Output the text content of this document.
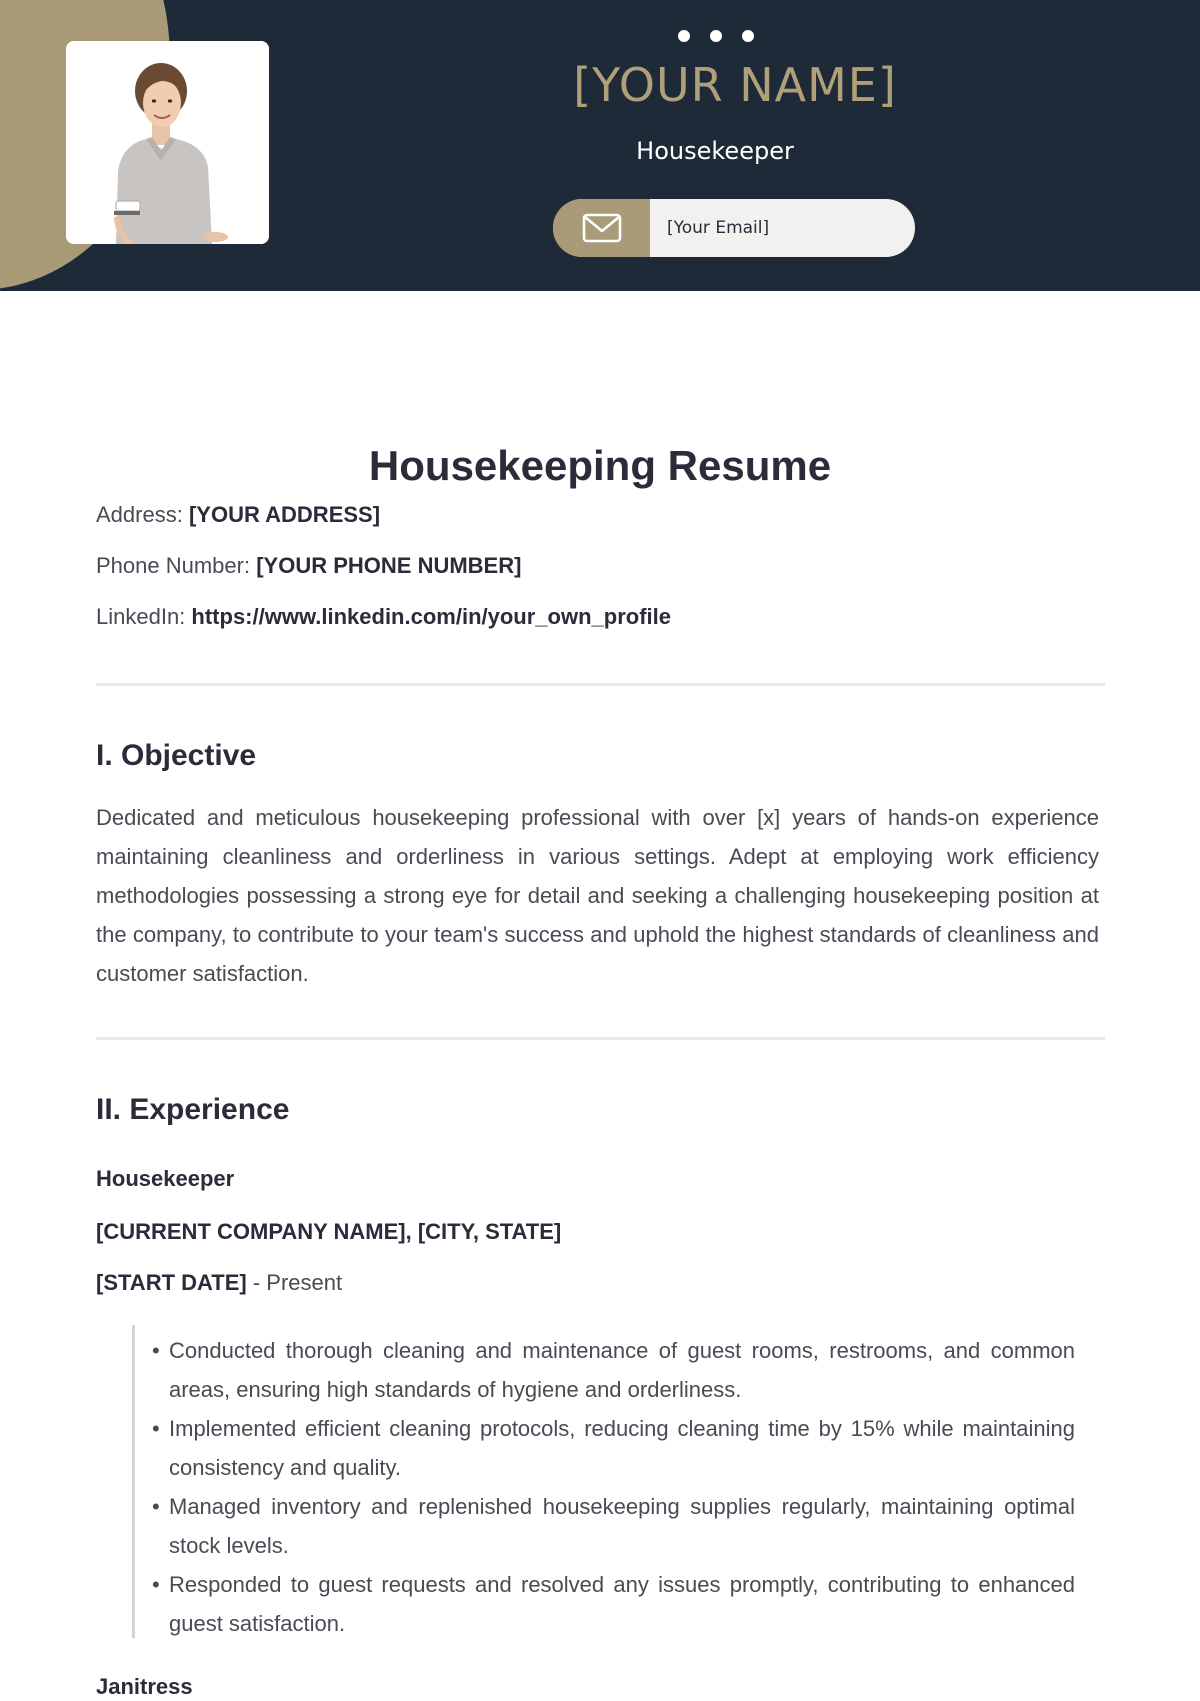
[YOUR NAME]
Housekeeper
[Your Email]
Housekeeping Resume
Address: [YOUR ADDRESS]
Phone Number: [YOUR PHONE NUMBER]
LinkedIn: https://www.linkedin.com/in/your_own_profile
I. Objective

Dedicated and meticulous housekeeping professional with over [x] years of hands-on experience maintaining cleanliness and orderliness in various settings. Adept at employing work efficiency methodologies possessing a strong eye for detail and seeking a challenging housekeeping position at the company, to contribute to your team's success and uphold the highest standards of cleanliness and customer satisfaction.

II. Experience
Housekeeper
[CURRENT COMPANY NAME], [CITY, STATE]
[START DATE] - Present
• Conducted thorough cleaning and maintenance of guest rooms, restrooms, and common areas, ensuring high standards of hygiene and orderliness.
• Implemented efficient cleaning protocols, reducing cleaning time by 15% while maintaining consistency and quality.
• Managed inventory and replenished housekeeping supplies regularly, maintaining optimal stock levels.
• Responded to guest requests and resolved any issues promptly, contributing to enhanced guest satisfaction.
Janitress
